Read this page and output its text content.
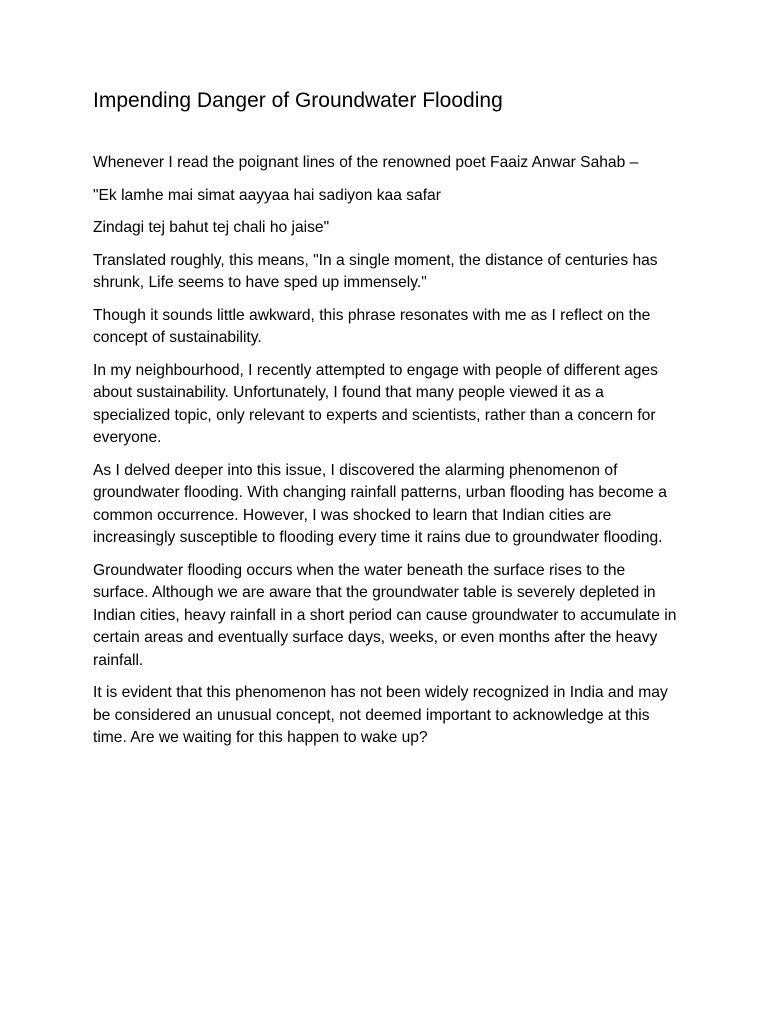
Impending Danger of Groundwater Flooding

Whenever I read the poignant lines of the renowned poet Faaiz Anwar Sahab –

"Ek lamhe mai simat aayyaa hai sadiyon kaa safar

Zindagi tej bahut tej chali ho jaise"

Translated roughly, this means, "In a single moment, the distance of centuries has shrunk, Life seems to have sped up immensely."

Though it sounds little awkward, this phrase resonates with me as I reflect on the concept of sustainability.

In my neighbourhood, I recently attempted to engage with people of different ages about sustainability. Unfortunately, I found that many people viewed it as a specialized topic, only relevant to experts and scientists, rather than a concern for everyone.

As I delved deeper into this issue, I discovered the alarming phenomenon of groundwater flooding. With changing rainfall patterns, urban flooding has become a common occurrence. However, I was shocked to learn that Indian cities are increasingly susceptible to flooding every time it rains due to groundwater flooding.

Groundwater flooding occurs when the water beneath the surface rises to the surface. Although we are aware that the groundwater table is severely depleted in Indian cities, heavy rainfall in a short period can cause groundwater to accumulate in certain areas and eventually surface days, weeks, or even months after the heavy rainfall.

It is evident that this phenomenon has not been widely recognized in India and may be considered an unusual concept, not deemed important to acknowledge at this time. Are we waiting for this happen to wake up?
